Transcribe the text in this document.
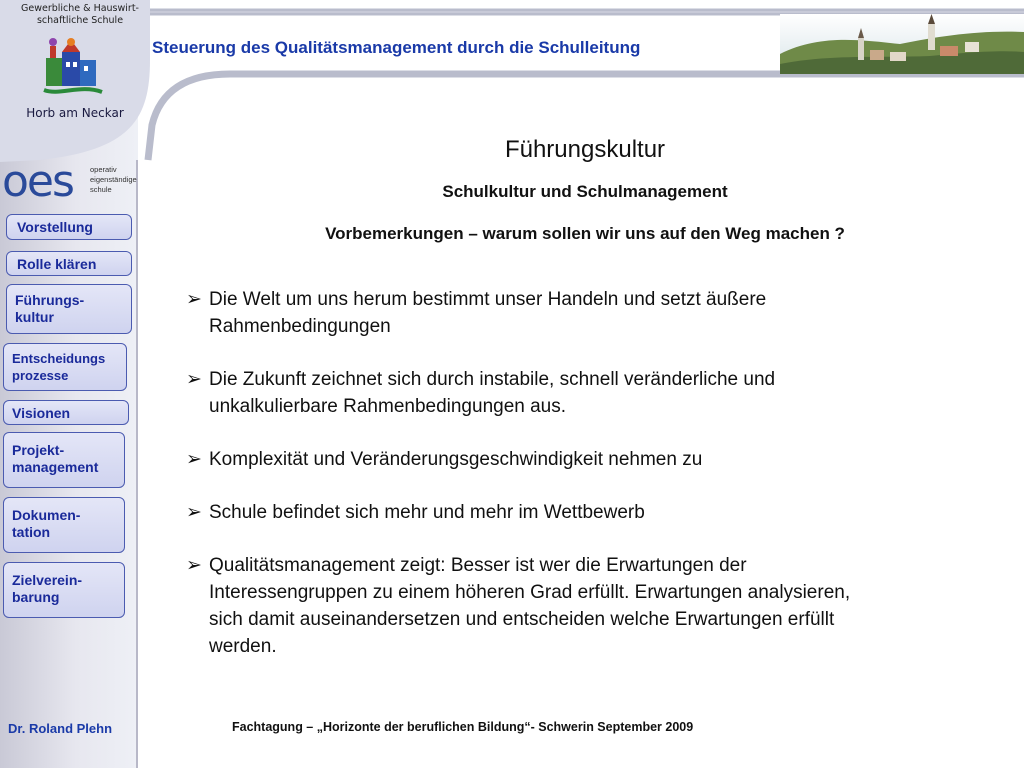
Gewerbliche & Hauswirt-
schaftliche Schule
Horb am Neckar
Steuerung des Qualitätsmanagement durch die Schulleitung
oes operativ
eigenständige
schule
Vorstellung
Rolle klären
Führungs-
kultur
Entscheidungs
prozesse
Visionen
Projekt-
management
Dokumen-
tation
Zielverein-
barung
Führungskultur
Schulkultur und Schulmanagement
Vorbemerkungen – warum sollen wir uns auf den Weg machen ?
➢ Die Welt um uns herum bestimmt unser Handeln und setzt äußere
Rahmenbedingungen
➢ Die Zukunft zeichnet sich durch instabile, schnell veränderliche und
unkalkulierbare Rahmenbedingungen aus.
➢ Komplexität und Veränderungsgeschwindigkeit nehmen zu
➢ Schule befindet sich mehr und mehr im Wettbewerb
➢ Qualitätsmanagement zeigt: Besser ist wer die Erwartungen der
Interessengruppen zu einem höheren Grad erfüllt. Erwartungen analysieren,
sich damit auseinandersetzen und entscheiden welche Erwartungen erfüllt
werden.
Dr. Roland Plehn	Fachtagung – „Horizonte der beruflichen Bildung“- Schwerin September 2009
